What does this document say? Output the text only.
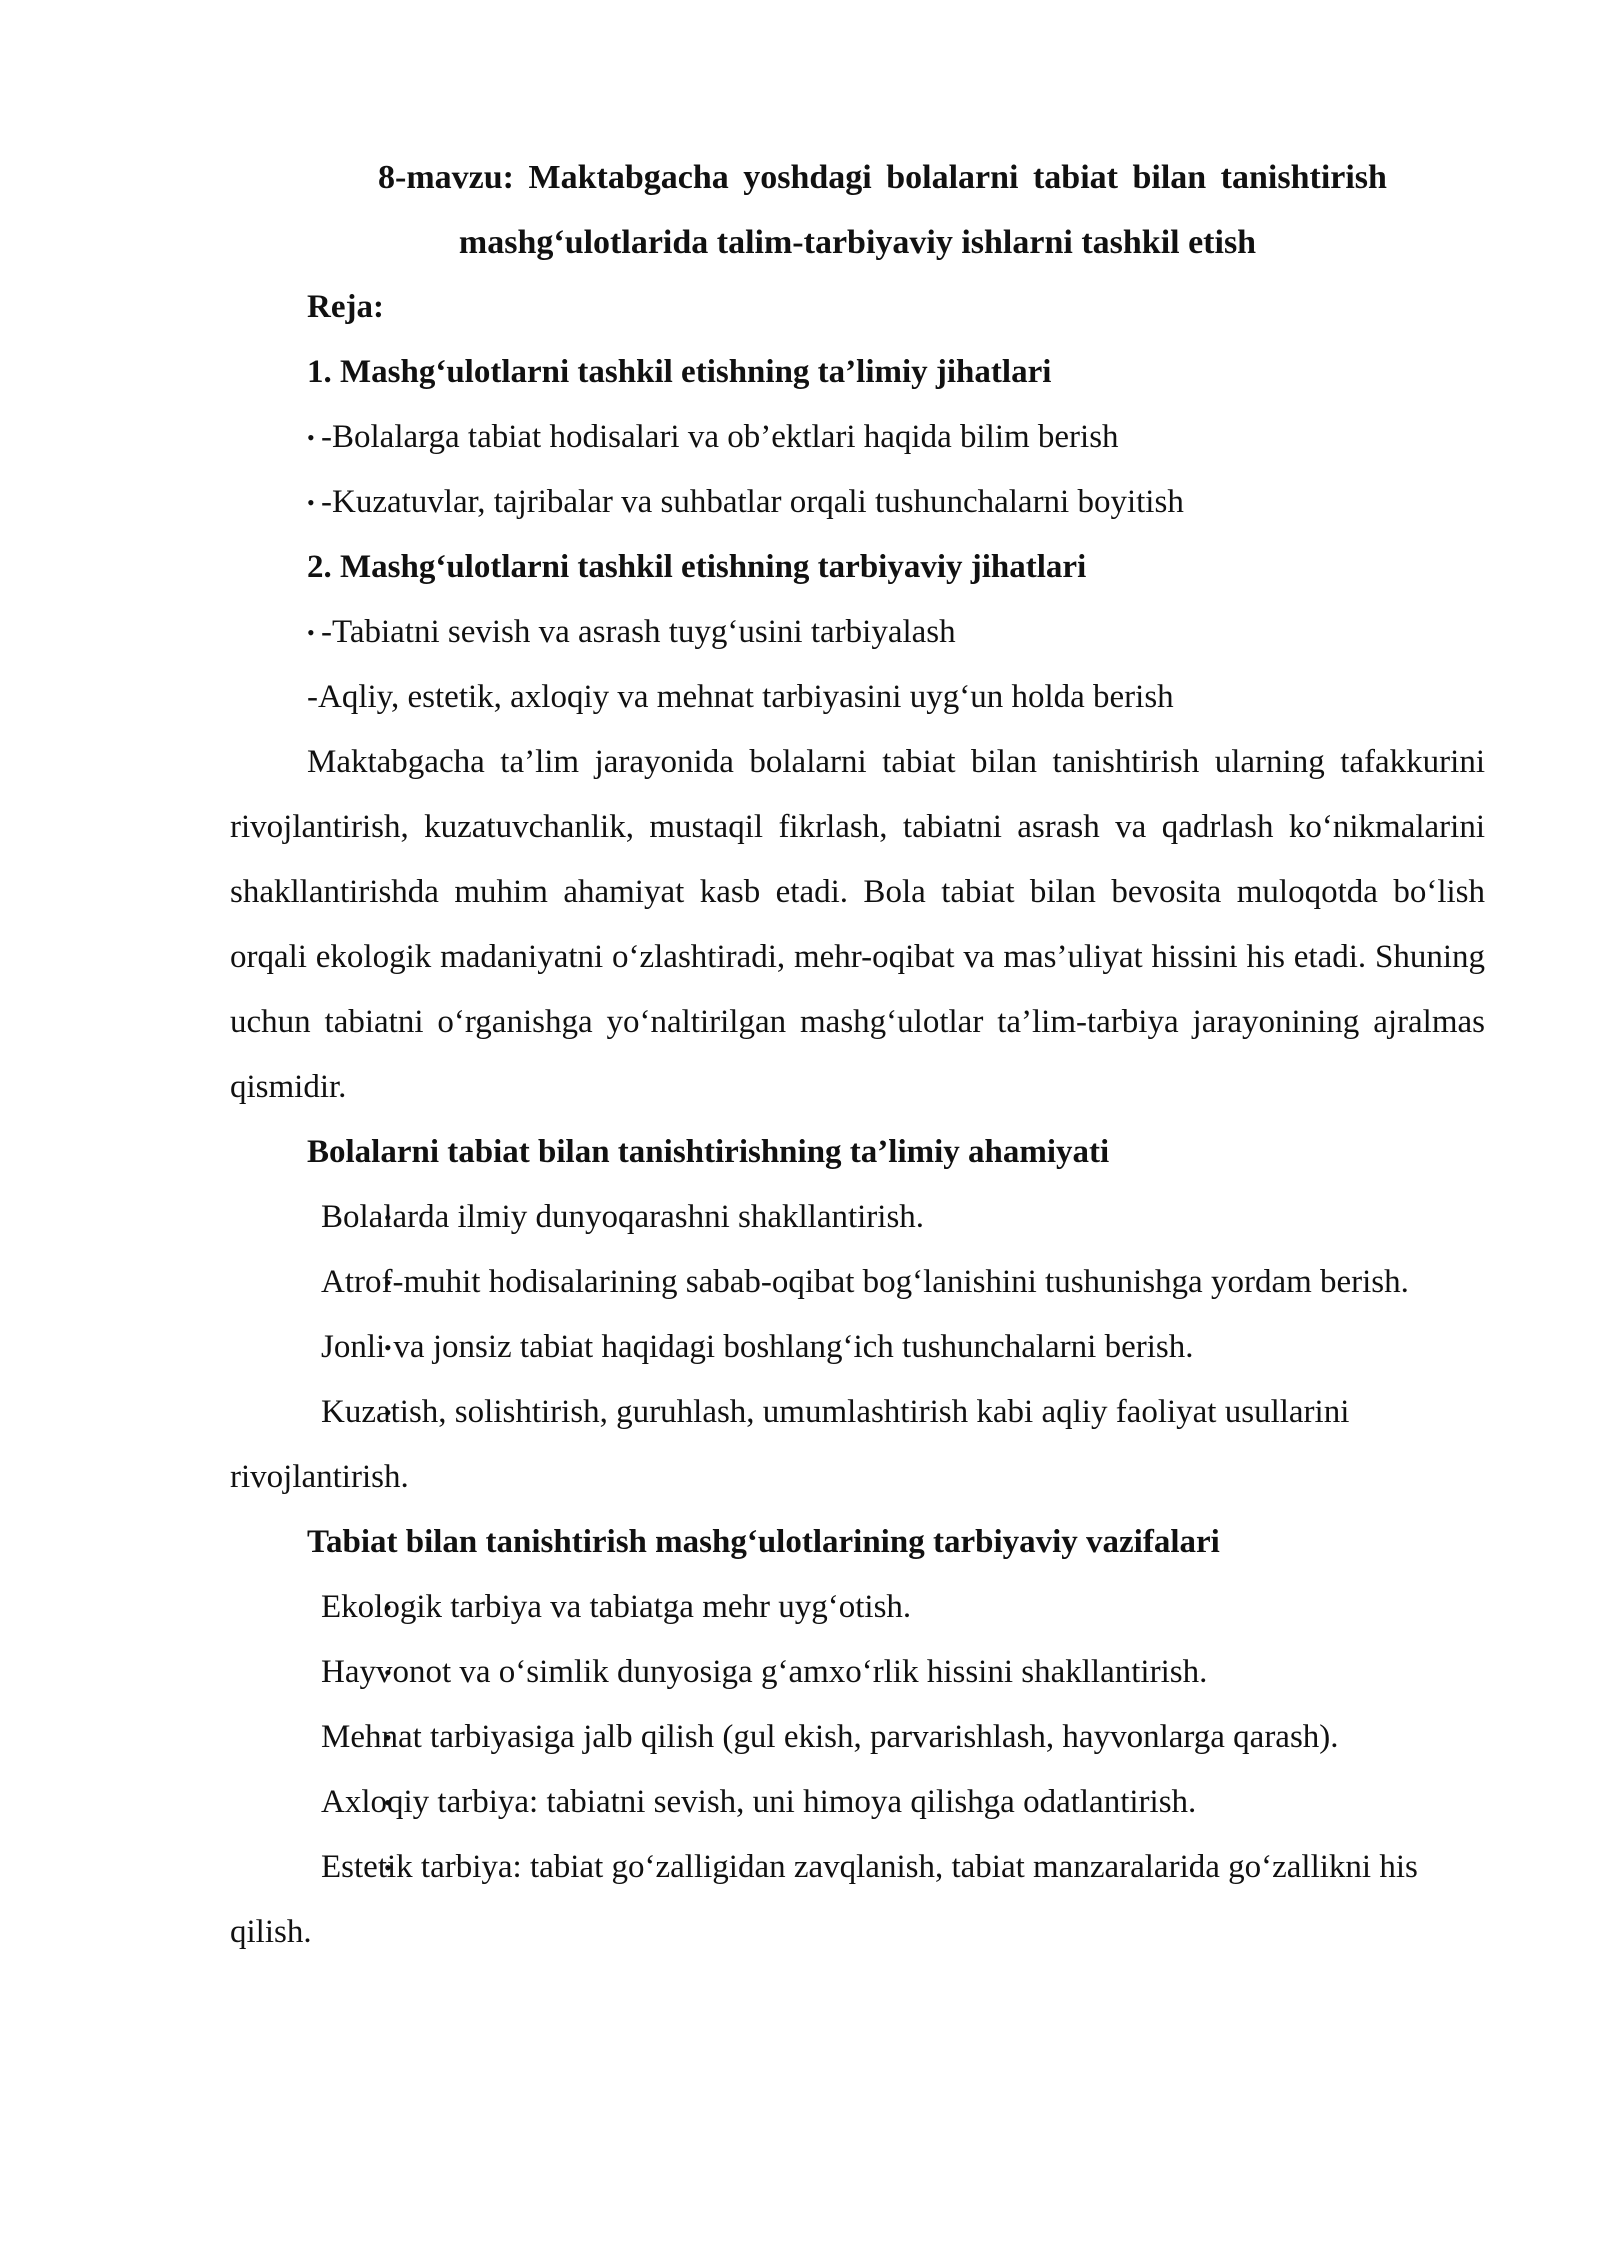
8-mavzu: Maktabgacha yoshdagi bolalarni tabiat bilan tanishtirish
mashg‘ulotlarida talim-tarbiyaviy ishlarni tashkil etish

Reja:

1. Mashg‘ulotlarni tashkil etishning ta’limiy jihatlari

• -Bolalarga tabiat hodisalari va ob’ektlari haqida bilim berish

• -Kuzatuvlar, tajribalar va suhbatlar orqali tushunchalarni boyitish

2. Mashg‘ulotlarni tashkil etishning tarbiyaviy jihatlari

• -Tabiatni sevish va asrash tuyg‘usini tarbiyalash

-Aqliy, estetik, axloqiy va mehnat tarbiyasini uyg‘un holda berish

Maktabgacha ta’lim jarayonida bolalarni tabiat bilan tanishtirish ularning tafakkurini rivojlantirish, kuzatuvchanlik, mustaqil fikrlash, tabiatni asrash va qadrlash ko‘nikmalarini shakllantirishda muhim ahamiyat kasb etadi. Bola tabiat bilan bevosita muloqotda bo‘lish orqali ekologik madaniyatni o‘zlashtiradi, mehr-oqibat va mas’uliyat hissini his etadi. Shuning uchun tabiatni o‘rganishga yo‘naltirilgan mashg‘ulotlar ta’lim-tarbiya jarayonining ajralmas qismidir.

Bolalarni tabiat bilan tanishtirishning ta’limiy ahamiyati

• Bolalarda ilmiy dunyoqarashni shakllantirish.

• Atrof-muhit hodisalarining sabab-oqibat bog‘lanishini tushunishga yordam berish.

• Jonli va jonsiz tabiat haqidagi boshlang‘ich tushunchalarni berish.

• Kuzatish, solishtirish, guruhlash, umumlashtirish kabi aqliy faoliyat usullarini rivojlantirish.

Tabiat bilan tanishtirish mashg‘ulotlarining tarbiyaviy vazifalari

• Ekologik tarbiya va tabiatga mehr uyg‘otish.

• Hayvonot va o‘simlik dunyosiga g‘amxo‘rlik hissini shakllantirish.

• Mehnat tarbiyasiga jalb qilish (gul ekish, parvarishlash, hayvonlarga qarash).

• Axloqiy tarbiya: tabiatni sevish, uni himoya qilishga odatlantirish.

• Estetik tarbiya: tabiat go‘zalligidan zavqlanish, tabiat manzaralarida go‘zallikni his qilish.
